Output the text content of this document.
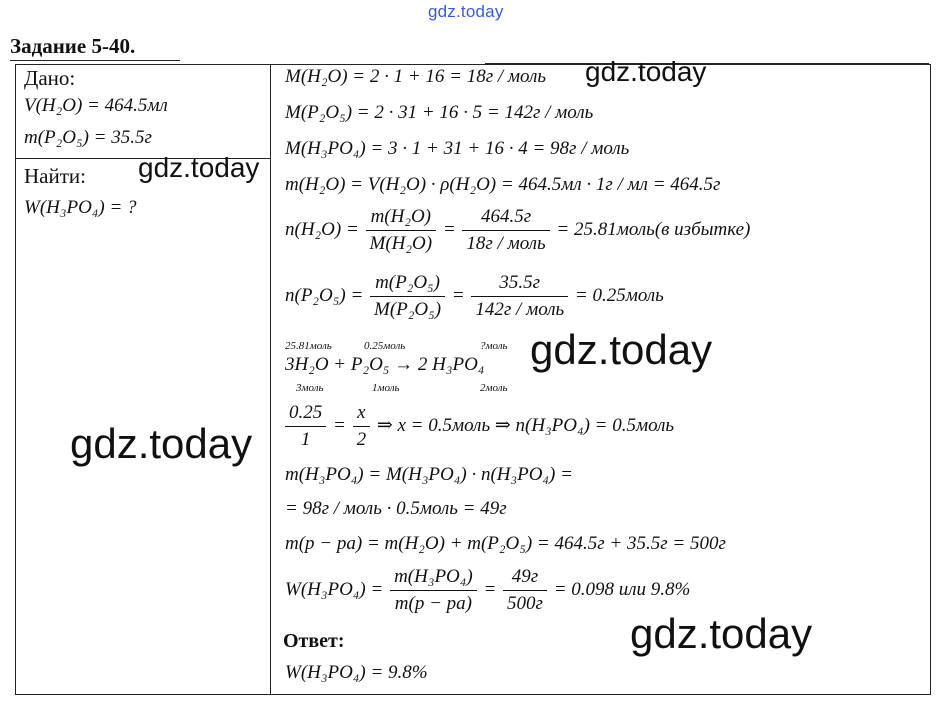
gdz.today
Задание 5-40.
Дано:
V(H₂O) = 464.5мл
m(P₂O₅) = 35.5г
Найти:
W(H₃PO₄) = ?
M(H₂O) = 2 · 1 + 16 = 18г / моль
M(P₂O₅) = 2 · 31 + 16 · 5 = 142г / моль
M(H₃PO₄) = 3 · 1 + 31 + 16 · 4 = 98г / моль
m(H₂O) = V(H₂O) · ρ(H₂O) = 464.5мл · 1г / мл = 464.5г
$n(H_2O) = \frac{\text{m(H₂O)}}{\text{M(H₂O)}} = \frac{464.5г}{\text{18г / моль}}$ = 25.81моль(в избытке)
$n(P_2O_5) = \frac{\text{m(P₂O₅)}}{\text{M(P₂O₅)}} = \frac{35.5г}{\text{142г / моль}}$ = 0.25моль
25.81моль	0.25моль	?моль
3H₂O + P₂O₅ → 2 H₃PO₄
3моль	1моль	2моль
$\frac{0.25}{1} = \frac{x}{2}$ ⇒ x = 0.5моль ⇒ n(H₃PO₄) = 0.5моль
m(H₃PO₄) = M(H₃PO₄) · n(H₃PO₄) =
= 98г / моль · 0.5моль = 49г
m(p − pa) = m(H₂O) + m(P₂O₅) = 464.5г + 35.5г = 500г
$W(H_3PO_4) = \frac{\text{m(H₃PO₄)}}{m(p - pa)} = \frac{49г}{500г} = 0.098$ или 9.8%
Ответ:
W(H₃PO₄) = 9.8%
gdz.today
gdz.today
gdz.today
gdz.today
gdz.today
